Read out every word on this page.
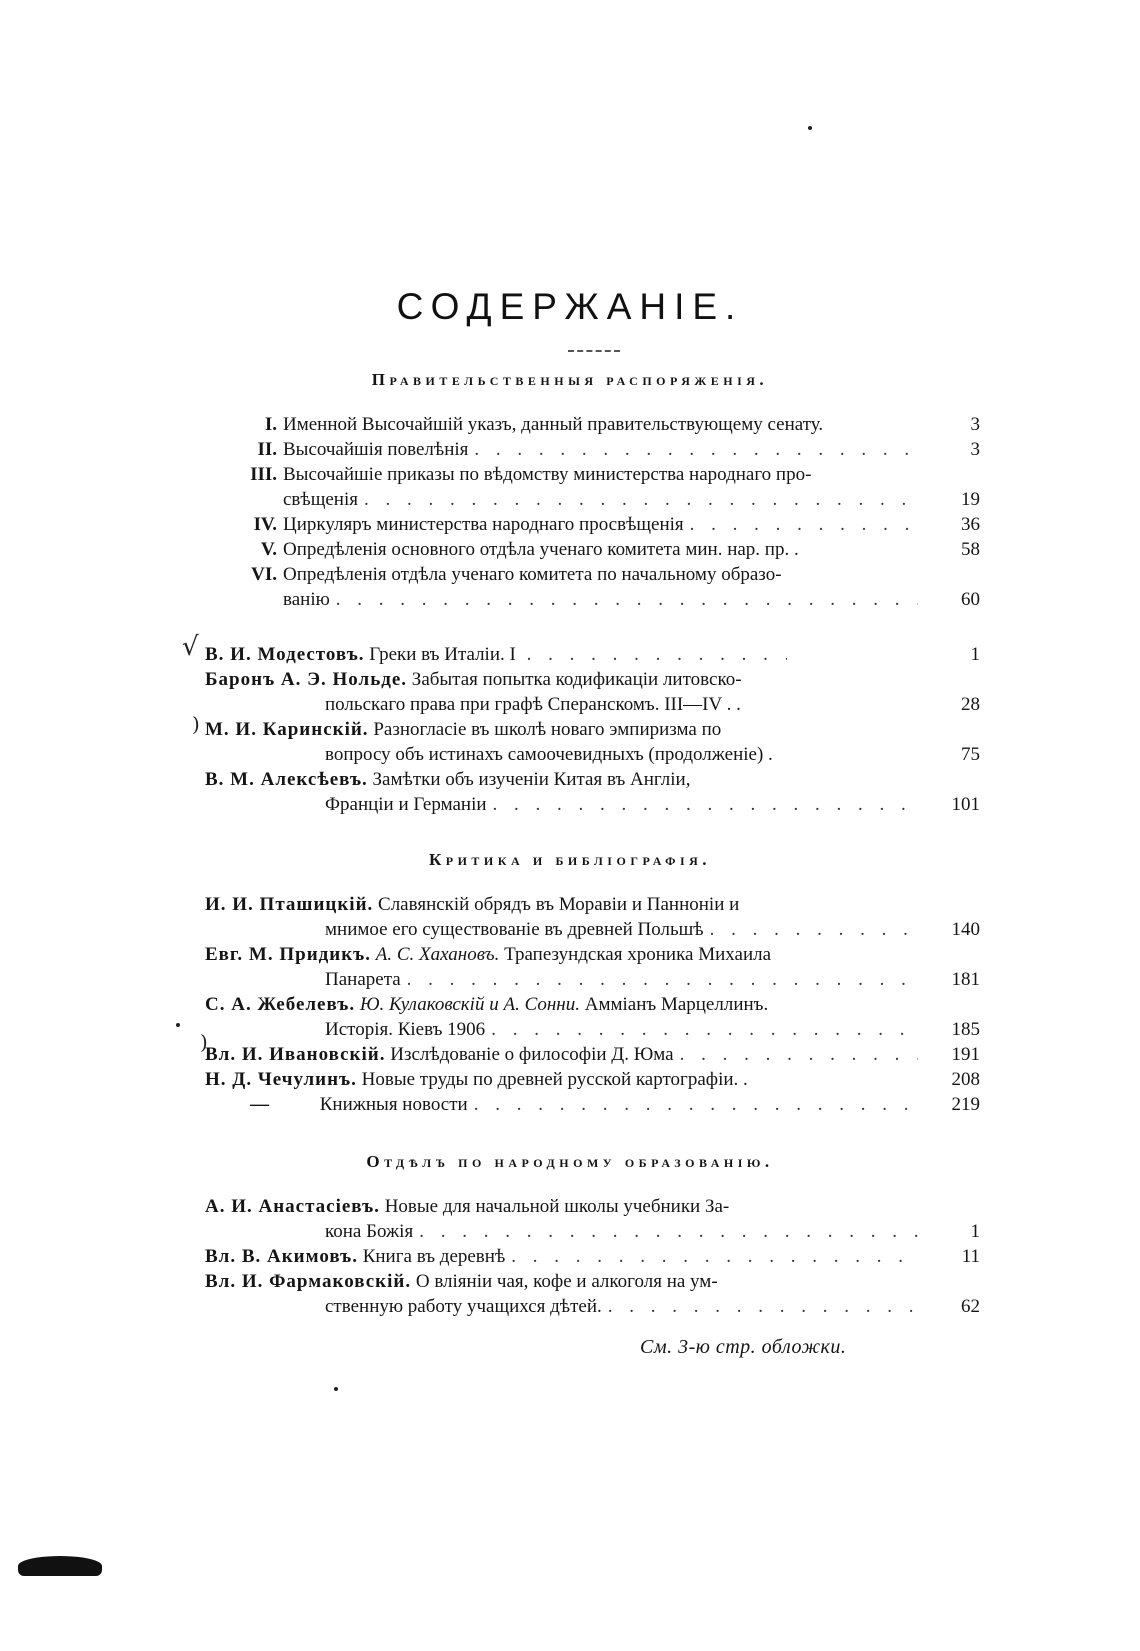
СОДЕРЖАНІЕ.
Правительственныя распоряженія.
I. Именной Высочайшій указъ, данный правительствующему сенату.	3
II. Высочайшія повелѣнія . . .	3
III. Высочайшіе приказы по вѣдомству министерства народнаго про-
свѣщенія . . .	19
IV. Циркуляръ министерства народнаго просвѣщенія . . .	36
V. Опредѣленія основного отдѣла ученаго комитета мин. нар. пр. .	58
VI. Опредѣленія отдѣла ученаго комитета по начальному образо-
ванію . . .	60
В. И. Модестовъ. Греки въ Италіи. I . . .	1
Баронъ А. Э. Нольде. Забытая попытка кодификаціи литовско-
польскаго права при графѣ Сперанскомъ. III—IV . .	28
М. И. Каринскій. Разногласіе въ школѣ новаго эмпиризма по
вопросу объ истинахъ самоочевидныхъ (продолженіе) .	75
В. М. Алексѣевъ. Замѣтки объ изученіи Китая въ Англіи,
Франціи и Германіи . . .	101
Критика и библіографія.
И. И. Пташицкій. Славянскій обрядъ въ Моравіи и Панноніи и
мнимое его существованіе въ древней Польшѣ . . .	140
Евг. М. Придикъ. А. С. Хахановъ. Трапезундская хроника Михаила
Панарета . . .	181
С. А. Жебелевъ. Ю. Кулаковскій и А. Сонни. Аммiанъ Марцеллинъ.
Исторія. Кіевъ 1906 . . .	185
Вл. И. Ивановскій.
Изслѣдованіе о философіи Д. Юма . . .	191
Н. Д. Чечулинъ.
Новые труды по древней русской картографіи. .	208
—
	Книжныя новости . . .	219
Отдѣлъ по народному образованію.
А. И. Анастасіевъ. Новые для начальной школы учебники За-
кона Божія . . .	1
Вл. В. Акимовъ.
Книга въ деревнѣ . . .	11
Вл. И. Фармаковскій. О вліяніи чая, кофе и алкоголя на ум-
ственную работу учащихся дѣтей. . . .	62
См. 3-ю стр. обложки.
√
)
)
